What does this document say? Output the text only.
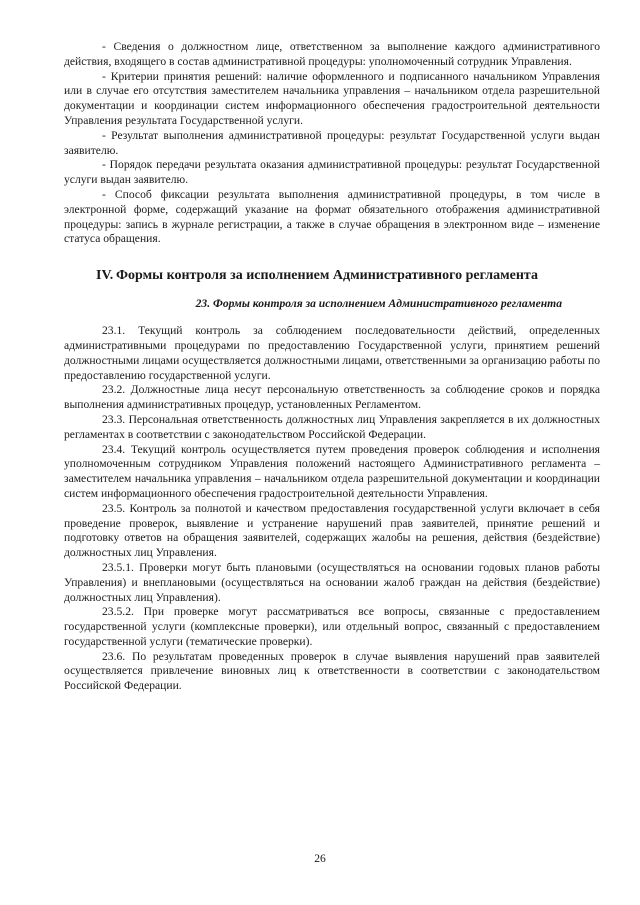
- Сведения о должностном лице, ответственном за выполнение каждого административного действия, входящего в состав административной процедуры: уполномоченный сотрудник Управления.

- Критерии принятия решений: наличие оформленного и подписанного начальником Управления или в случае его отсутствия заместителем начальника управления – начальником отдела разрешительной документации и координации систем информационного обеспечения градостроительной деятельности Управления результата Государственной услуги.

- Результат выполнения административной процедуры: результат Государственной услуги выдан заявителю.

- Порядок передачи результата оказания административной процедуры: результат Государственной услуги выдан заявителю.

- Способ фиксации результата выполнения административной процедуры, в том числе в электронной форме, содержащий указание на формат обязательного отображения административной процедуры: запись в журнале регистрации, а также в случае обращения в электронном виде – изменение статуса обращения.

IV. Формы контроля за исполнением Административного регламента
23. Формы контроля за исполнением Административного регламента

23.1. Текущий контроль за соблюдением последовательности действий, определенных административными процедурами по предоставлению Государственной услуги, принятием решений должностными лицами осуществляется должностными лицами, ответственными за организацию работы по предоставлению государственной услуги.

23.2. Должностные лица несут персональную ответственность за соблюдение сроков и порядка выполнения административных процедур, установленных Регламентом.

23.3. Персональная ответственность должностных лиц Управления закрепляется в их должностных регламентах в соответствии с законодательством Российской Федерации.

23.4. Текущий контроль осуществляется путем проведения проверок соблюдения и исполнения уполномоченным сотрудником Управления положений настоящего Административного регламента – заместителем начальника управления – начальником отдела разрешительной документации и координации систем информационного обеспечения градостроительной деятельности Управления.

23.5. Контроль за полнотой и качеством предоставления государственной услуги включает в себя проведение проверок, выявление и устранение нарушений прав заявителей, принятие решений и подготовку ответов на обращения заявителей, содержащих жалобы на решения, действия (бездействие) должностных лиц Управления.

23.5.1. Проверки могут быть плановыми (осуществляться на основании годовых планов работы Управления) и внеплановыми (осуществляться на основании жалоб граждан на действия (бездействие) должностных лиц Управления).

23.5.2. При проверке могут рассматриваться все вопросы, связанные с предоставлением государственной услуги (комплексные проверки), или отдельный вопрос, связанный с предоставлением государственной услуги (тематические проверки).

23.6. По результатам проведенных проверок в случае выявления нарушений прав заявителей осуществляется привлечение виновных лиц к ответственности в соответствии с законодательством Российской Федерации.

26
